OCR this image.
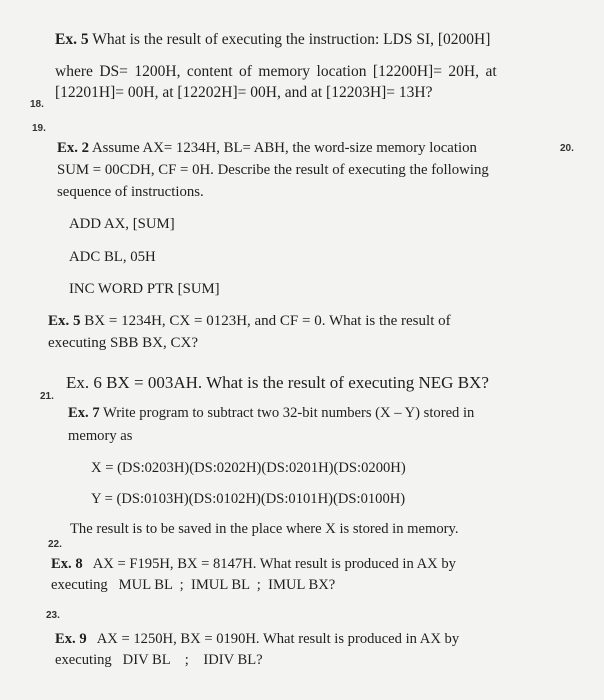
Ex. 5 What is the result of executing the instruction: LDS SI, [0200H]
where DS= 1200H, content of memory location [12200H]= 20H, at
[12201H]= 00H, at [12202H]= 00H, and at [12203H]= 13H?
18.
19.
20.
Ex. 2 Assume AX= 1234H, BL= ABH, the word-size memory location
SUM = 00CDH, CF = 0H. Describe the result of executing the following
sequence of instructions.
ADD AX, [SUM]
ADC BL, 05H
INC WORD PTR [SUM]
Ex. 5 BX = 1234H, CX = 0123H, and CF = 0. What is the result of
executing SBB BX, CX?
Ex. 6 BX = 003AH. What is the result of executing NEG BX?
21.
Ex. 7 Write program to subtract two 32-bit numbers (X – Y) stored in
memory as
X = (DS:0203H)(DS:0202H)(DS:0201H)(DS:0200H)
Y = (DS:0103H)(DS:0102H)(DS:0101H)(DS:0100H)
The result is to be saved in the place where X is stored in memory.
22.
Ex. 8   AX = F195H, BX = 8147H. What result is produced in AX by
executing   MUL BL  ;  IMUL BL  ;  IMUL BX?
23.
Ex. 9   AX = 1250H, BX = 0190H. What result is produced in AX by
executing   DIV BL    ;    IDIV BL?
